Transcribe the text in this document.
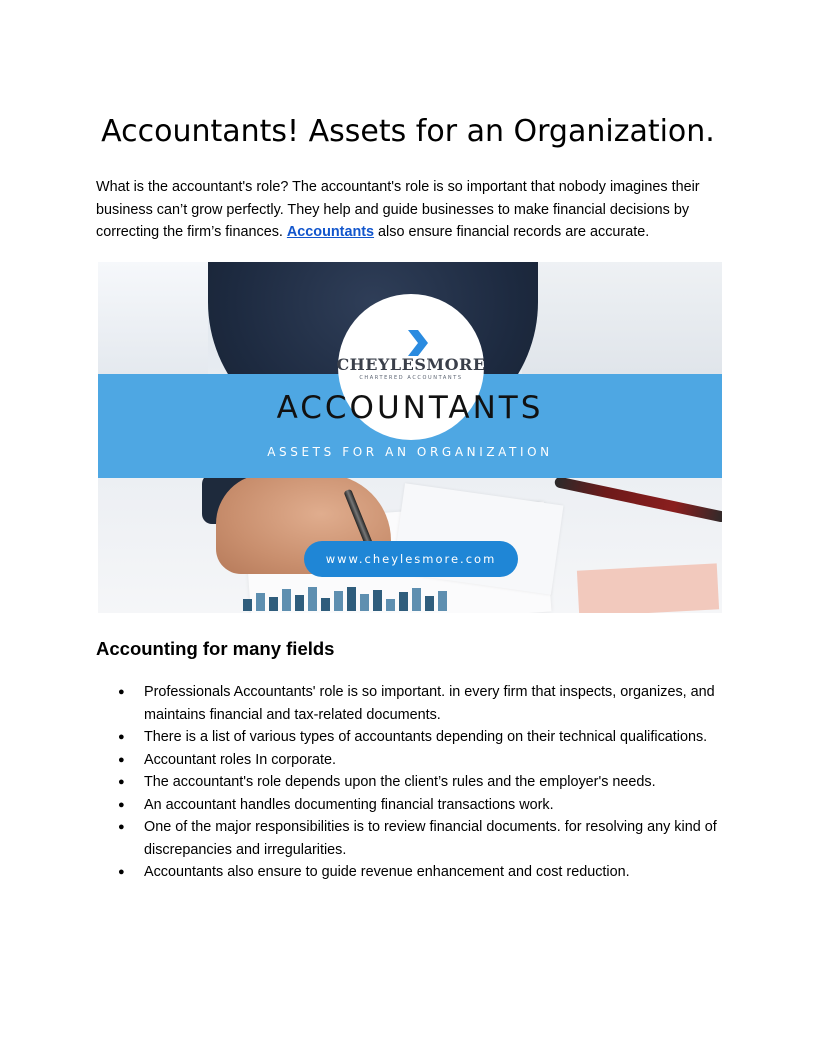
Accountants! Assets for an Organization.

What is the accountant's role? The accountant's role is so important that nobody imagines their business can’t grow perfectly. They help and guide businesses to make financial decisions by correcting the firm’s finances. Accountants also ensure financial records are accurate.

CHEYLESMORE
CHARTERED ACCOUNTANTS
ACCOUNTANTS
ASSETS FOR AN ORGANIZATION
www.cheylesmore.com
Accounting for many fields
● Professionals Accountants' role is so important. in every firm that inspects, organizes, and maintains financial and tax-related documents.
● There is a list of various types of accountants depending on their technical qualifications.
● Accountant roles In corporate.
● The accountant's role depends upon the client’s rules and the employer's needs.
● An accountant handles documenting financial transactions work.
● One of the major responsibilities is to review financial documents. for resolving any kind of discrepancies and irregularities.
● Accountants also ensure to guide revenue enhancement and cost reduction.
